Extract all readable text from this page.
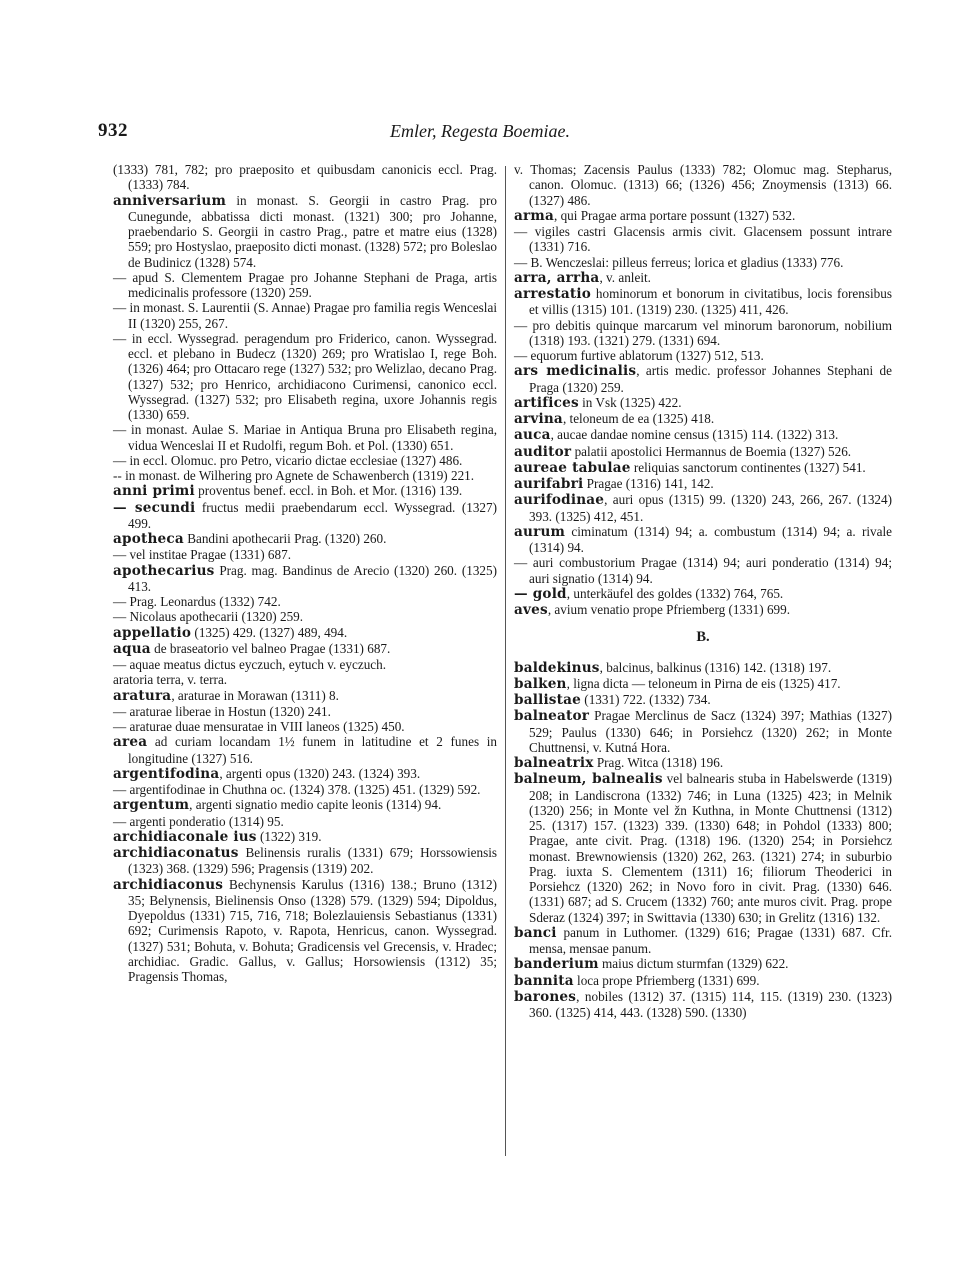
932	Emler, Regesta Boemiae.

(1333) 781, 782; pro praeposito et quibusdam canonicis eccl. Prag. (1333) 784.

anniversarium in monast. S. Georgii in castro Prag. pro Cunegunde, abbatissa dicti monast. (1321) 300; pro Johanne, praebendario S. Georgii in castro Prag., patre et matre eius (1328) 559; pro Hostyslao, praeposito dicti monast. (1328) 572; pro Boleslao de Budinicz (1328) 574.

— apud S. Clementem Pragae pro Johanne Stephani de Praga, artis medicinalis professore (1320) 259.

— in monast. S. Laurentii (S. Annae) Pragae pro familia regis Wenceslai II (1320) 255, 267.

— in eccl. Wyssegrad. peragendum pro Friderico, canon. Wyssegrad. eccl. et plebano in Budecz (1320) 269; pro Wratislao I, rege Boh. (1326) 464; pro Ottacaro rege (1327) 532; pro Welizlao, decano Prag. (1327) 532; pro Henrico, archidiacono Curimensi, canonico eccl. Wyssegrad. (1327) 532; pro Elisabeth regina, uxore Johannis regis (1330) 659.

— in monast. Aulae S. Mariae in Antiqua Bruna pro Elisabeth regina, vidua Wenceslai II et Rudolfi, regum Boh. et Pol. (1330) 651.

— in eccl. Olomuc. pro Petro, vicario dictae ecclesiae (1327) 486.

-- in monast. de Wilhering pro Agnete de Schawenberch (1319) 221.

anni primi proventus benef. eccl. in Boh. et Mor. (1316) 139.

— secundi fructus medii praebendarum eccl. Wyssegrad. (1327) 499.

apotheca Bandini apothecarii Prag. (1320) 260.

— vel institae Pragae (1331) 687.

apothecarius Prag. mag. Bandinus de Arecio (1320) 260. (1325) 413.

— Prag. Leonardus (1332) 742.

— Nicolaus apothecarii (1320) 259.

appellatio (1325) 429. (1327) 489, 494.

aqua de braseatorio vel balneo Pragae (1331) 687.

— aquae meatus dictus eyczuch, eytuch v. eyczuch.

aratoria terra, v. terra.

aratura, araturae in Morawan (1311) 8.

— araturae liberae in Hostun (1320) 241.

— araturae duae mensuratae in VIII laneos (1325) 450.

area ad curiam locandam 1½ funem in latitudine et 2 funes in longitudine (1327) 516.

argentifodina, argenti opus (1320) 243. (1324) 393.

— argentifodinae in Chuthna oc. (1324) 378. (1325) 451. (1329) 592.

argentum, argenti signatio medio capite leonis (1314) 94.

— argenti ponderatio (1314) 95.

archidiaconale ius (1322) 319.

archidiaconatus Belinensis ruralis (1331) 679; Horssowiensis (1323) 368. (1329) 596; Pragensis (1319) 202.

archidiaconus Bechynensis Karulus (1316) 138.; Bruno (1312) 35; Belynensis, Bielinensis Onso (1328) 579. (1329) 594; Dipoldus, Dyepoldus (1331) 715, 716, 718; Bolezlauiensis Sebastianus (1331) 692; Curimensis Rapoto, v. Rapota, Henricus, canon. Wyssegrad. (1327) 531; Bohuta, v. Bohuta; Gradicensis vel Grecensis, v. Hradec; archidiac. Gradic. Gallus, v. Gallus; Horsowiensis (1312) 35; Pragensis Thomas,

v. Thomas; Zacensis Paulus (1333) 782; Olomuc mag. Stepharus, canon. Olomuc. (1313) 66; (1326) 456; Znoymensis (1313) 66. (1327) 486.

arma, qui Pragae arma portare possunt (1327) 532.

— vigiles castri Glacensis armis civit. Glacensem possunt intrare (1331) 716.

— B. Wenczeslai: pilleus ferreus; lorica et gladius (1333) 776.

arra, arrha, v. anleit.

arrestatio hominorum et bonorum in civitatibus, locis forensibus et villis (1315) 101. (1319) 230. (1325) 411, 426.

— pro debitis quinque marcarum vel minorum baronorum, nobilium (1318) 193. (1321) 279. (1331) 694.

— equorum furtive ablatorum (1327) 512, 513.

ars medicinalis, artis medic. professor Johannes Stephani de Praga (1320) 259.

artifices in Vsk (1325) 422.

arvina, teloneum de ea (1325) 418.

auca, aucae dandae nomine census (1315) 114. (1322) 313.

auditor palatii apostolici Hermannus de Boemia (1327) 526.

aureae tabulae reliquias sanctorum continentes (1327) 541.

aurifabri Pragae (1316) 141, 142.

aurifodinae, auri opus (1315) 99. (1320) 243, 266, 267. (1324) 393. (1325) 412, 451.

aurum ciminatum (1314) 94; a. combustum (1314) 94; a. rivale (1314) 94.

— auri combustorium Pragae (1314) 94; auri ponderatio (1314) 94; auri signatio (1314) 94.

— gold, unterkäufel des goldes (1332) 764, 765.

aves, avium venatio prope Pfriemberg (1331) 699.

B.

baldekinus, balcinus, balkinus (1316) 142. (1318) 197.

balken, ligna dicta — teloneum in Pirna de eis (1325) 417.

ballistae (1331) 722. (1332) 734.

balneator Pragae Merclinus de Sacz (1324) 397; Mathias (1327) 529; Paulus (1330) 646; in Porsiehcz (1320) 262; in Monte Chuttnensi, v. Kutná Hora.

balneatrix Prag. Witca (1318) 196.

balneum, balnealis vel balnearis stuba in Habelswerde (1319) 208; in Landiscrona (1332) 746; in Luna (1325) 423; in Melnik (1320) 256; in Monte vel žn Kuthna, in Monte Chuttnensi (1312) 25. (1317) 157. (1323) 339. (1330) 648; in Pohdol (1333) 800; Pragae, ante civit. Prag. (1318) 196. (1320) 254; in Porsiehcz monast. Brewnowiensis (1320) 262, 263. (1321) 274; in suburbio Prag. iuxta S. Clementem (1311) 16; filiorum Theoderici in Porsiehcz (1320) 262; in Novo foro in civit. Prag. (1330) 646. (1331) 687; ad S. Crucem (1332) 760; ante muros civit. Prag. prope Sderaz (1324) 397; in Swittavia (1330) 630; in Grelitz (1316) 132.

banci panum in Luthomer. (1329) 616; Pragae (1331) 687. Cfr. mensa, mensae panum.

banderium maius dictum sturmfan (1329) 622.

bannita loca prope Pfriemberg (1331) 699.

barones, nobiles (1312) 37. (1315) 114, 115. (1319) 230. (1323) 360. (1325) 414, 443. (1328) 590. (1330)
